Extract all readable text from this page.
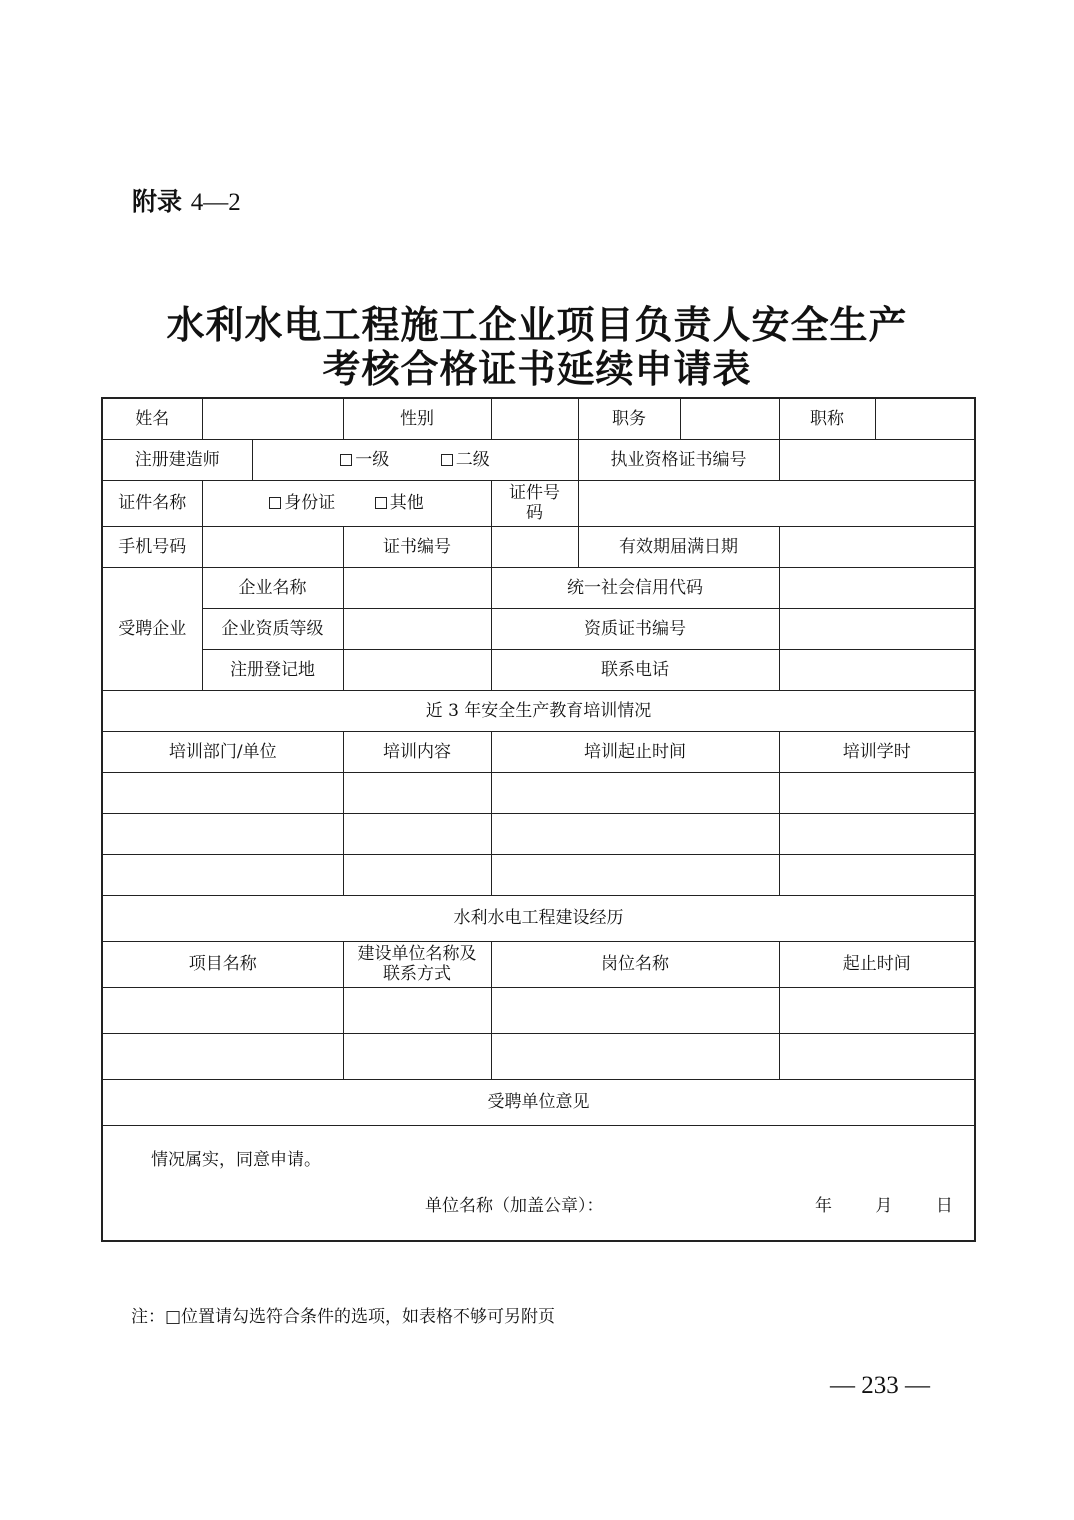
附录 4—2
水利水电工程施工企业项目负责人安全生产
考核合格证书延续申请表
姓名			性别		职务		职称	
注册建造师		一级 二级			执业资格证书编号			
证件名称	身份证 其他			证件号码				
手机号码			证书编号		有效期届满日期			
受聘企业	企业名称			统一社会信用代码				
	企业资质等级			资质证书编号				
	注册登记地			联系电话				
近 3 年安全生产教育培训情况								
培训部门/单位			培训内容	培训起止时间			培训学时	

水利水电工程建设经历								
项目名称			建设单位名称及联系方式	岗位名称			起止时间	

受聘单位意见								

情况属实，同意申请。
单位名称（加盖公章）： 年 月 日								
注：□位置请勾选符合条件的选项，如表格不够可另附页
— 233 —
